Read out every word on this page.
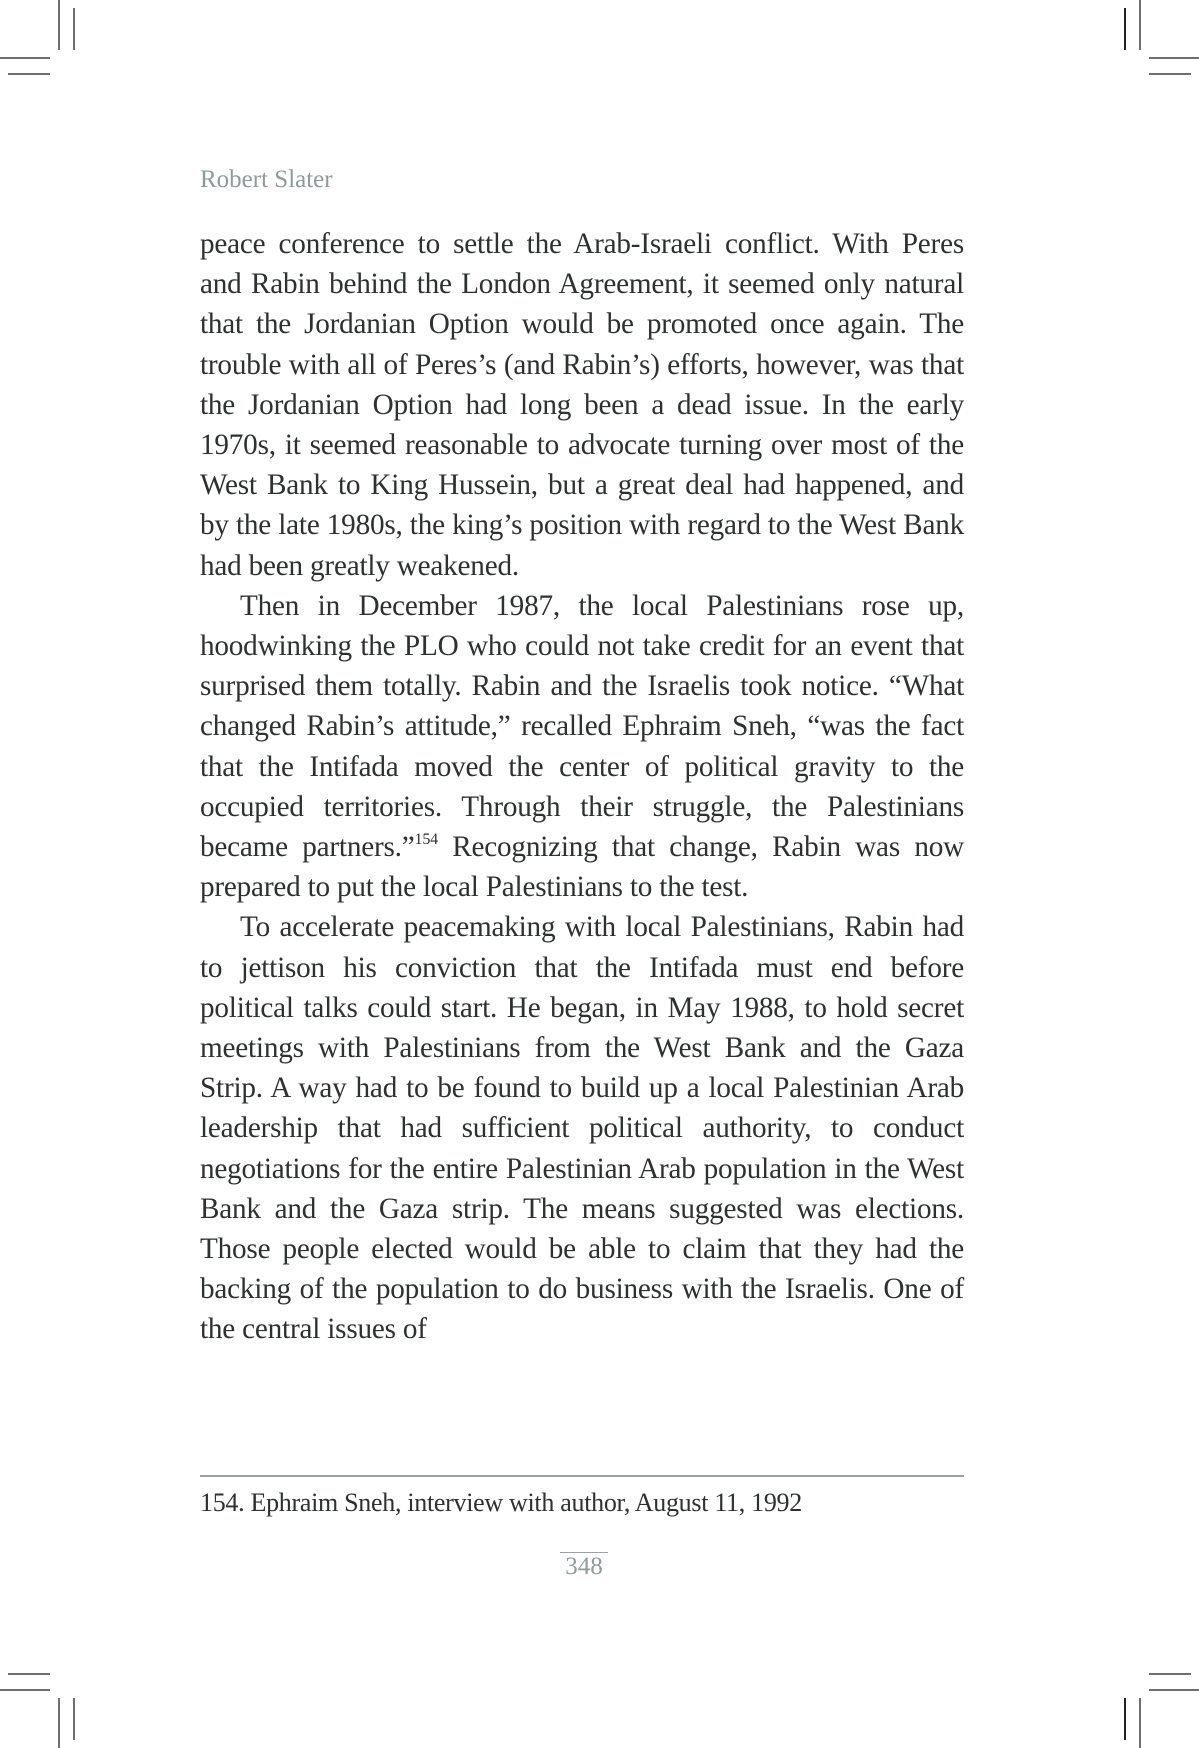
Robert Slater

peace conference to settle the Arab-Israeli conflict. With Peres and Rabin behind the London Agreement, it seemed only natural that the Jordanian Option would be promoted once again. The trouble with all of Peres’s (and Rabin’s) efforts, however, was that the Jordanian Option had long been a dead issue. In the early 1970s, it seemed reasonable to advocate turning over most of the West Bank to King Hussein, but a great deal had happened, and by the late 1980s, the king’s position with regard to the West Bank had been greatly weakened.

Then in December 1987, the local Palestinians rose up, hoodwinking the PLO who could not take credit for an event that surprised them totally. Rabin and the Israelis took notice. “What changed Rabin’s attitude,” recalled Ephraim Sneh, “was the fact that the Intifada moved the center of political gravity to the occupied territories. Through their struggle, the Palestinians became partners.”$^{154}$ Recognizing that change, Rabin was now prepared to put the local Palestinians to the test.

To accelerate peacemaking with local Palestinians, Rabin had to jettison his conviction that the Intifada must end before political talks could start. He began, in May 1988, to hold secret meetings with Palestinians from the West Bank and the Gaza Strip. A way had to be found to build up a local Palestinian Arab leadership that had sufficient political authority, to conduct negotiations for the entire Palestinian Arab population in the West Bank and the Gaza strip. The means suggested was elections. Those people elected would be able to claim that they had the backing of the population to do business with the Israelis. One of the central issues of

154. Ephraim Sneh, interview with author, August 11, 1992
348
